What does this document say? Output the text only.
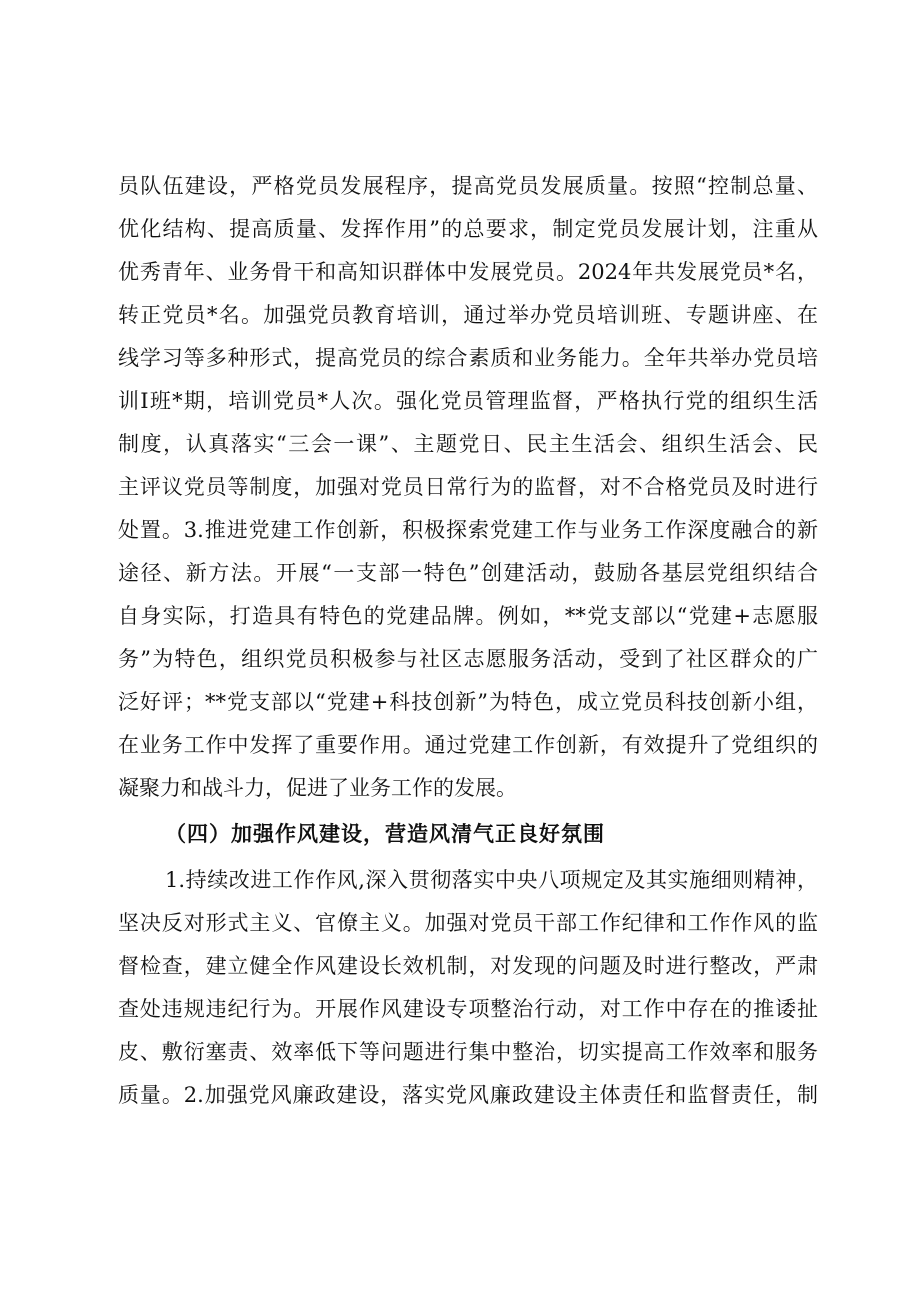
员队伍建设，严格党员发展程序，提高党员发展质量。按照“控制总量、
优化结构、提高质量、发挥作用”的总要求，制定党员发展计划，注重从
优秀青年、业务骨干和高知识群体中发展党员。2024年共发展党员*名，
转正党员*名。加强党员教育培训，通过举办党员培训班、专题讲座、在
线学习等多种形式，提高党员的综合素质和业务能力。全年共举办党员培
训I班*期，培训党员*人次。强化党员管理监督，严格执行党的组织生活
制度，认真落实“三会一课”、主题党日、民主生活会、组织生活会、民
主评议党员等制度，加强对党员日常行为的监督，对不合格党员及时进行
处置。3.推进党建工作创新，积极探索党建工作与业务工作深度融合的新
途径、新方法。开展“一支部一特色”创建活动，鼓励各基层党组织结合
自身实际，打造具有特色的党建品牌。例如，**党支部以“党建+志愿服
务”为特色，组织党员积极参与社区志愿服务活动，受到了社区群众的广
泛好评；**党支部以“党建+科技创新”为特色，成立党员科技创新小组，
在业务工作中发挥了重要作用。通过党建工作创新，有效提升了党组织的
凝聚力和战斗力，促进了业务工作的发展。
（四）加强作风建设，营造风清气正良好氛围
1.持续改进工作作风,深入贯彻落实中央八项规定及其实施细则精神，
坚决反对形式主义、官僚主义。加强对党员干部工作纪律和工作作风的监
督检查，建立健全作风建设长效机制，对发现的问题及时进行整改，严肃
查处违规违纪行为。开展作风建设专项整治行动，对工作中存在的推诿扯
皮、敷衍塞责、效率低下等问题进行集中整治，切实提高工作效率和服务
质量。2.加强党风廉政建设，落实党风廉政建设主体责任和监督责任，制
